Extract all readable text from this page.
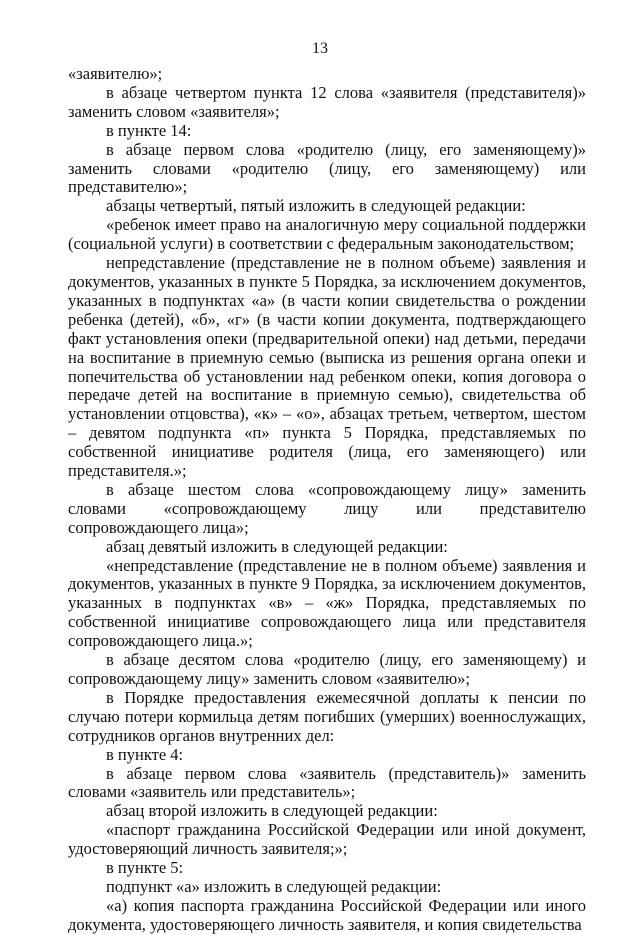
13

«заявителю»;

в абзаце четвертом пункта 12 слова «заявителя (представителя)» заменить словом «заявителя»;

в пункте 14:

в абзаце первом слова «родителю (лицу, его заменяющему)» заменить словами «родителю (лицу, его заменяющему) или представителю»;

абзацы четвертый, пятый изложить в следующей редакции:

«ребенок имеет право на аналогичную меру социальной поддержки (социальной услуги) в соответствии с федеральным законодательством;

непредставление (представление не в полном объеме) заявления и документов, указанных в пункте 5 Порядка, за исключением документов, указанных в подпунктах «а» (в части копии свидетельства о рождении ребенка (детей), «б», «г» (в части копии документа, подтверждающего факт установления опеки (предварительной опеки) над детьми, передачи на воспитание в приемную семью (выписка из решения органа опеки и попечительства об установлении над ребенком опеки, копия договора о передаче детей на воспитание в приемную семью), свидетельства об установлении отцовства), «к» – «о», абзацах третьем, четвертом, шестом – девятом подпункта «п» пункта 5 Порядка, представляемых по собственной инициативе родителя (лица, его заменяющего) или представителя.»;

в абзаце шестом слова «сопровождающему лицу» заменить словами «сопровождающему лицу или представителю сопровождающего лица»;

абзац девятый изложить в следующей редакции:

«непредставление (представление не в полном объеме) заявления и документов, указанных в пункте 9 Порядка, за исключением документов, указанных в подпунктах «в» – «ж» Порядка, представляемых по собственной инициативе сопровождающего лица или представителя сопровождающего лица.»;

в абзаце десятом слова «родителю (лицу, его заменяющему) и сопровождающему лицу» заменить словом «заявителю»;

в Порядке предоставления ежемесячной доплаты к пенсии по случаю потери кормильца детям погибших (умерших) военнослужащих, сотрудников органов внутренних дел:

в пункте 4:

в абзаце первом слова «заявитель (представитель)» заменить словами «заявитель или представитель»;

абзац второй изложить в следующей редакции:

«паспорт гражданина Российской Федерации или иной документ, удостоверяющий личность заявителя;»;

в пункте 5:

подпункт «а» изложить в следующей редакции:

«а) копия паспорта гражданина Российской Федерации или иного документа, удостоверяющего личность заявителя, и копия свидетельства
